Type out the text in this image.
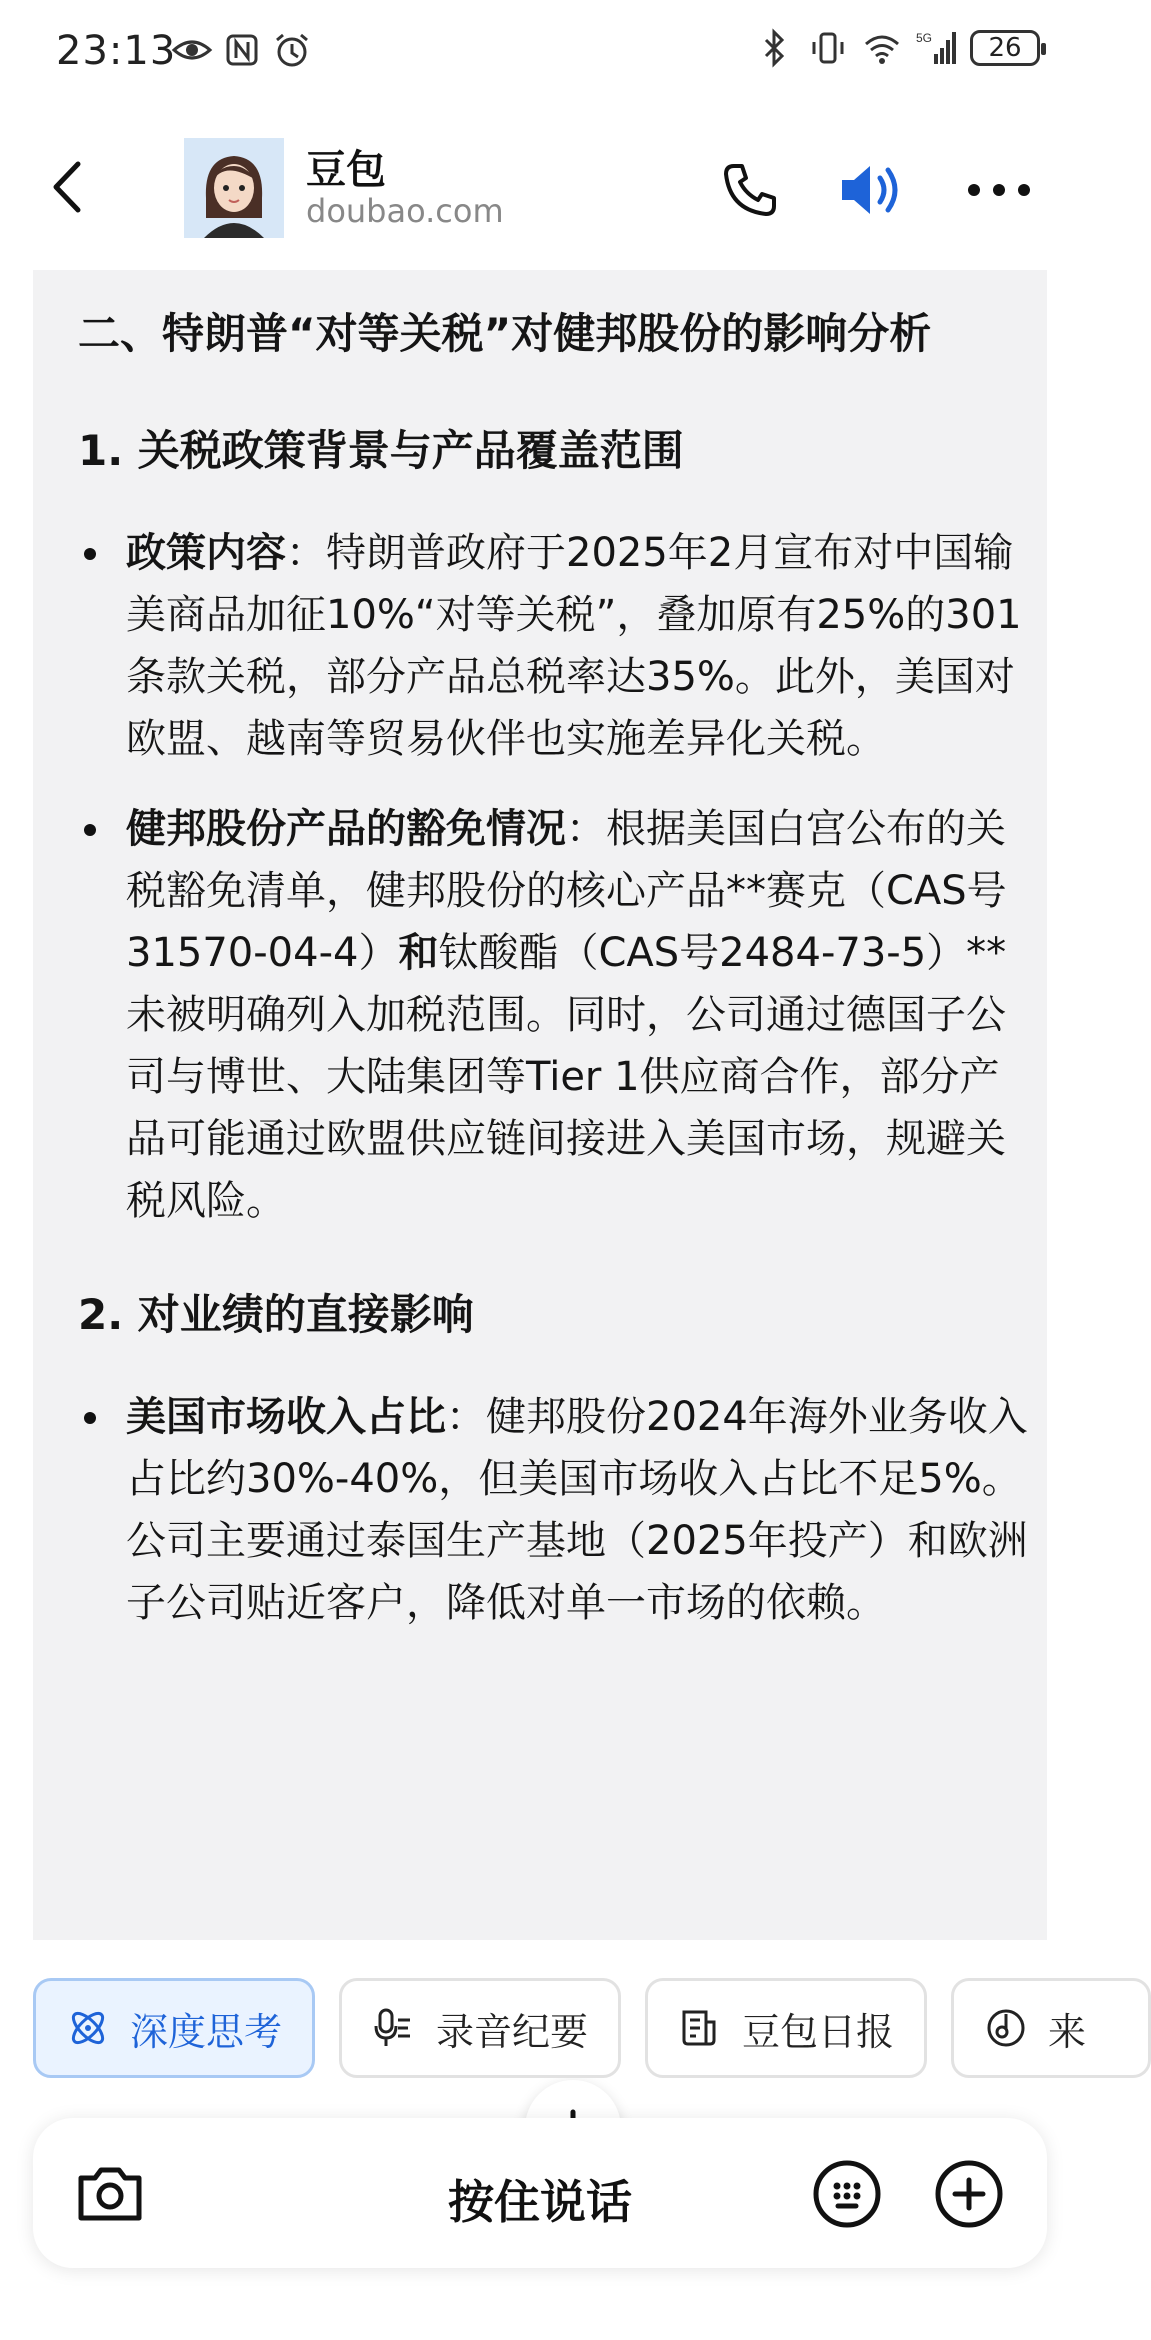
23:13	5G 26
豆包
doubao.com

二、特朗普“对等关税”对健邦股份的影响分析

1. 关税政策背景与产品覆盖范围

政策内容：特朗普政府于2025年2月宣布对中国输美商品加征10%“对等关税”，叠加原有25%的301条款关税，部分产品总税率达35%。此外，美国对欧盟、越南等贸易伙伴也实施差异化关税。
健邦股份产品的豁免情况：根据美国白宫公布的关税豁免清单，健邦股份的核心产品**赛克（CAS号31570-04-4）和钛酸酯（CAS号2484-73-5）**未被明确列入加税范围。同时，公司通过德国子公司与博世、大陆集团等Tier 1供应商合作，部分产品可能通过欧盟供应链间接进入美国市场，规避关税风险。

2. 对业绩的直接影响

美国市场收入占比：健邦股份2024年海外业务收入占比约30%-40%，但美国市场收入占比不足5%。公司主要通过泰国生产基地（2025年投产）和欧洲子公司贴近客户，降低对单一市场的依赖。
深度思考	录音纪要	豆包日报	来
按住说话
